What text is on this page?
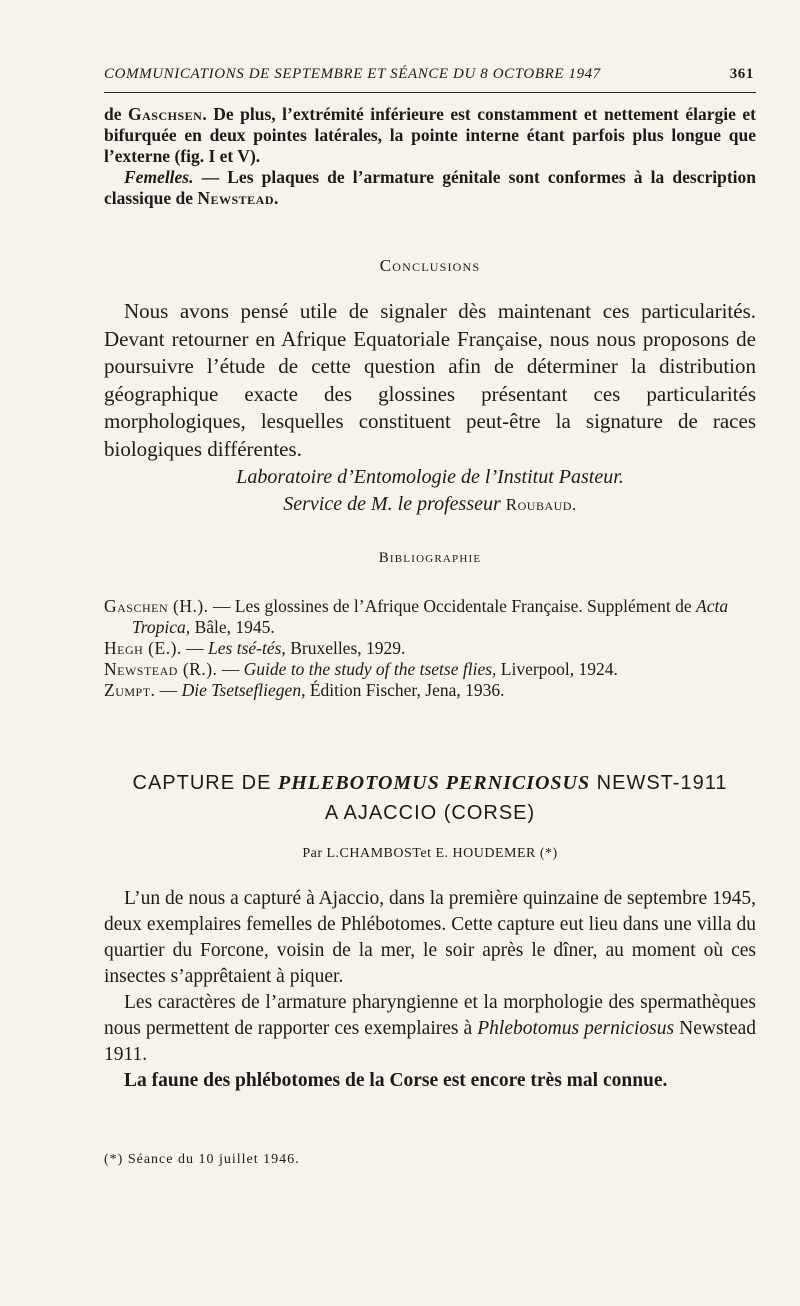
COMMUNICATIONS DE SEPTEMBRE ET SÉANCE DU 8 OCTOBRE 1947	361

de Gaschsen. De plus, l’extrémité inférieure est constamment et nettement élargie et bifurquée en deux pointes latérales, la pointe interne étant parfois plus longue que l’externe (fig. I et V).

Femelles. — Les plaques de l’armature génitale sont conformes à la description classique de Newstead.

Conclusions

Nous avons pensé utile de signaler dès maintenant ces particularités. Devant retourner en Afrique Equatoriale Française, nous nous proposons de poursuivre l’étude de cette question afin de déterminer la distribution géographique exacte des glossines présentant ces particularités morphologiques, lesquelles constituent peut-être la signature de races biologiques différentes.

Laboratoire d’Entomologie de l’Institut Pasteur.
Service de M. le professeur Roubaud.
Bibliographie

Gaschen (H.). — Les glossines de l’Afrique Occidentale Française. Supplément de Acta Tropica, Bâle, 1945.

Hegh (E.). — Les tsé-tés, Bruxelles, 1929.

Newstead (R.). — Guide to the study of the tsetse flies, Liverpool, 1924.

Zumpt. — Die Tsetsefliegen, Édition Fischer, Jena, 1936.

CAPTURE DE PHLEBOTOMUS PERNICIOSUS NEWST-1911
A AJACCIO (CORSE)
Par L.CHAMBOSTet E. HOUDEMER (*)

L’un de nous a capturé à Ajaccio, dans la première quinzaine de septembre 1945, deux exemplaires femelles de Phlébotomes. Cette capture eut lieu dans une villa du quartier du Forcone, voisin de la mer, le soir après le dîner, au moment où ces insectes s’apprêtaient à piquer.

Les caractères de l’armature pharyngienne et la morphologie des spermathèques nous permettent de rapporter ces exemplaires à Phlebotomus perniciosus Newstead 1911.

La faune des phlébotomes de la Corse est encore très mal connue.

(*) Séance du 10 juillet 1946.
